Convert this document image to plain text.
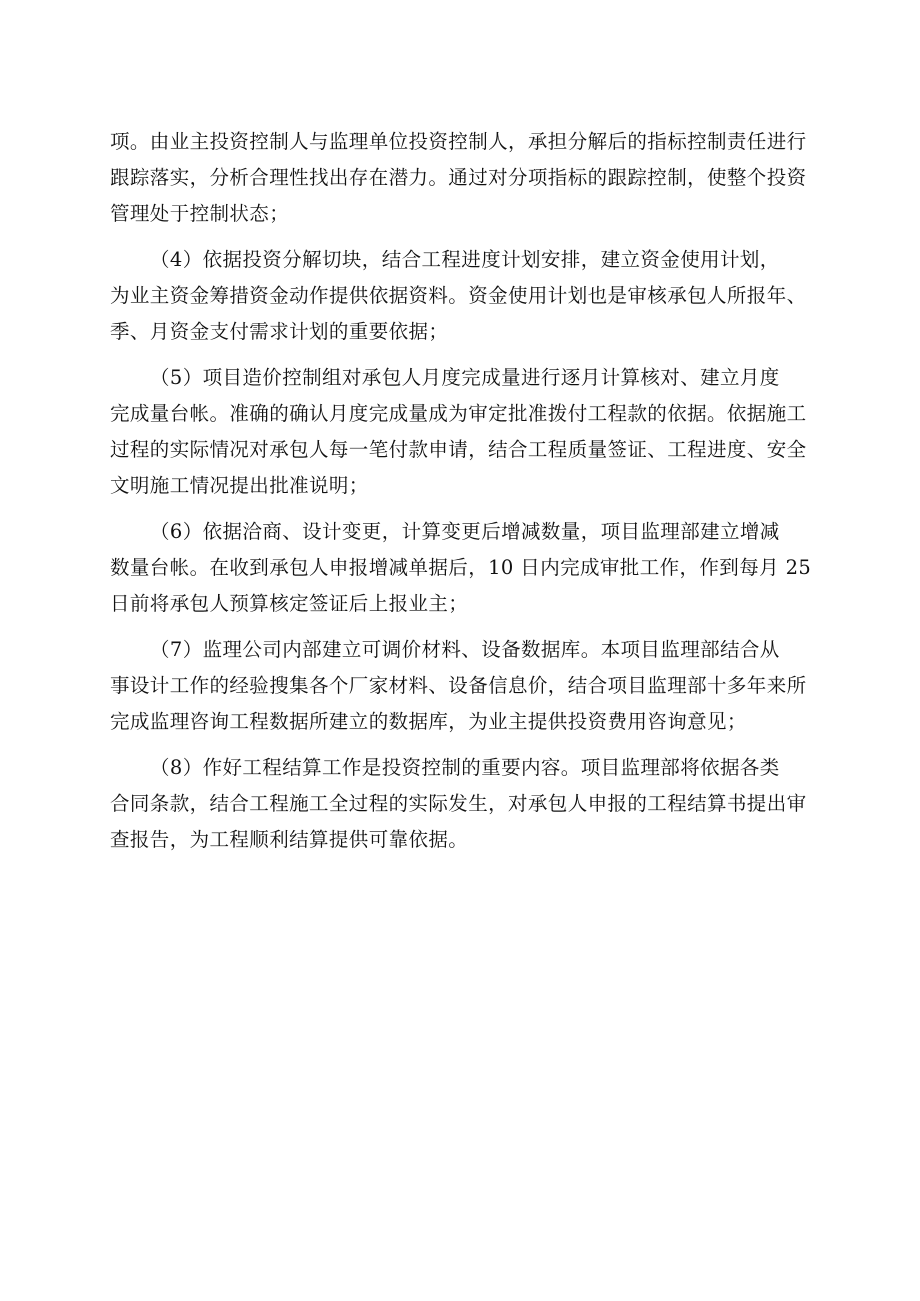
项。由业主投资控制人与监理单位投资控制人，承担分解后的指标控制责任进行
跟踪落实，分析合理性找出存在潜力。通过对分项指标的跟踪控制，使整个投资
管理处于控制状态；

（4）依据投资分解切块，结合工程进度计划安排，建立资金使用计划，
为业主资金筹措资金动作提供依据资料。资金使用计划也是审核承包人所报年、
季、月资金支付需求计划的重要依据；

（5）项目造价控制组对承包人月度完成量进行逐月计算核对、建立月度
完成量台帐。准确的确认月度完成量成为审定批准拨付工程款的依据。依据施工
过程的实际情况对承包人每一笔付款申请，结合工程质量签证、工程进度、安全
文明施工情况提出批准说明；

（6）依据洽商、设计变更，计算变更后增减数量，项目监理部建立增减
数量台帐。在收到承包人申报增减单据后，10 日内完成审批工作，作到每月 25
日前将承包人预算核定签证后上报业主；

（7）监理公司内部建立可调价材料、设备数据库。本项目监理部结合从
事设计工作的经验搜集各个厂家材料、设备信息价，结合项目监理部十多年来所
完成监理咨询工程数据所建立的数据库，为业主提供投资费用咨询意见；

（8）作好工程结算工作是投资控制的重要内容。项目监理部将依据各类
合同条款，结合工程施工全过程的实际发生，对承包人申报的工程结算书提出审
查报告，为工程顺利结算提供可靠依据。
